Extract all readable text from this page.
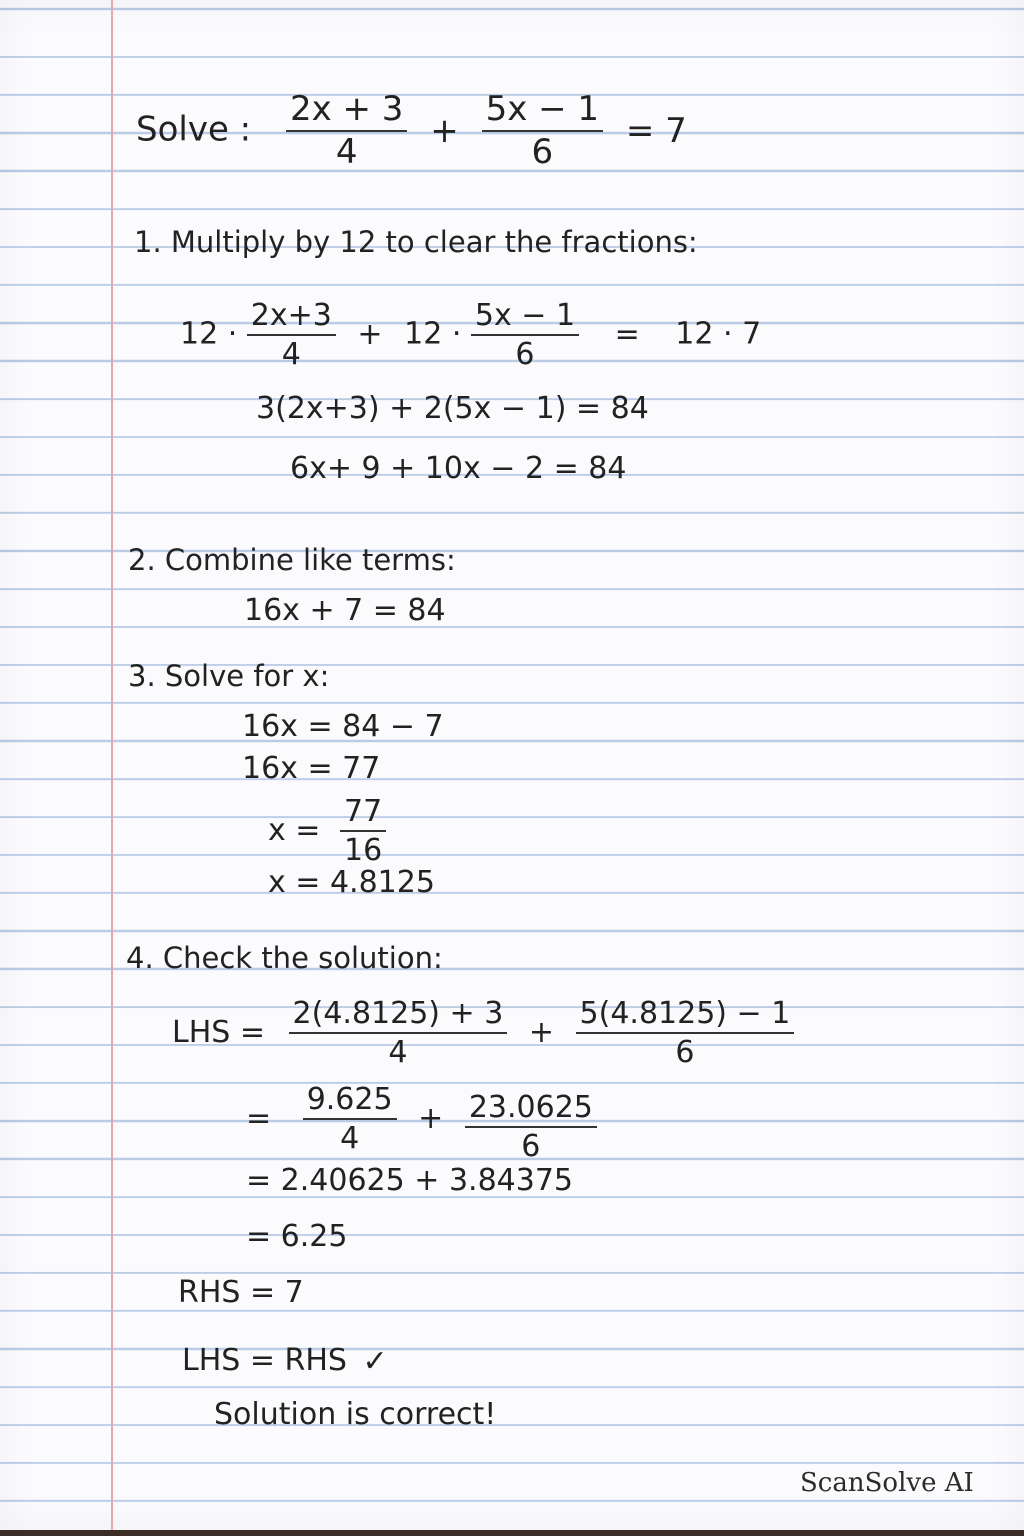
Solve : $\frac{2x + 3}{4} + \frac{5x - 1}{6} = 7$
1. Multiply by 12 to clear the fractions:
$12 \cdot \frac{2x+3}{4} + 12 \cdot \frac{5x - 1}{6} = 12 \cdot 7$
3(2x+3) + 2(5x − 1) = 84
6x+ 9 + 10x − 2 = 84
2. Combine like terms:
16x + 7 = 84
3. Solve for x:
16x = 84 − 7
16x = 77
$x = \frac{77}{16}$
x = 4.8125
4. Check the solution:
LHS = $\frac{2(4.8125) + 3}{4} + \frac{5(4.8125) - 1}{6}$
= $\frac{9.625}{4} + \frac{23.0625}{6}$
= 2.40625 + 3.84375
= 6.25
RHS = 7
LHS = RHS ✓
Solution is correct!
ScanSolve AI
